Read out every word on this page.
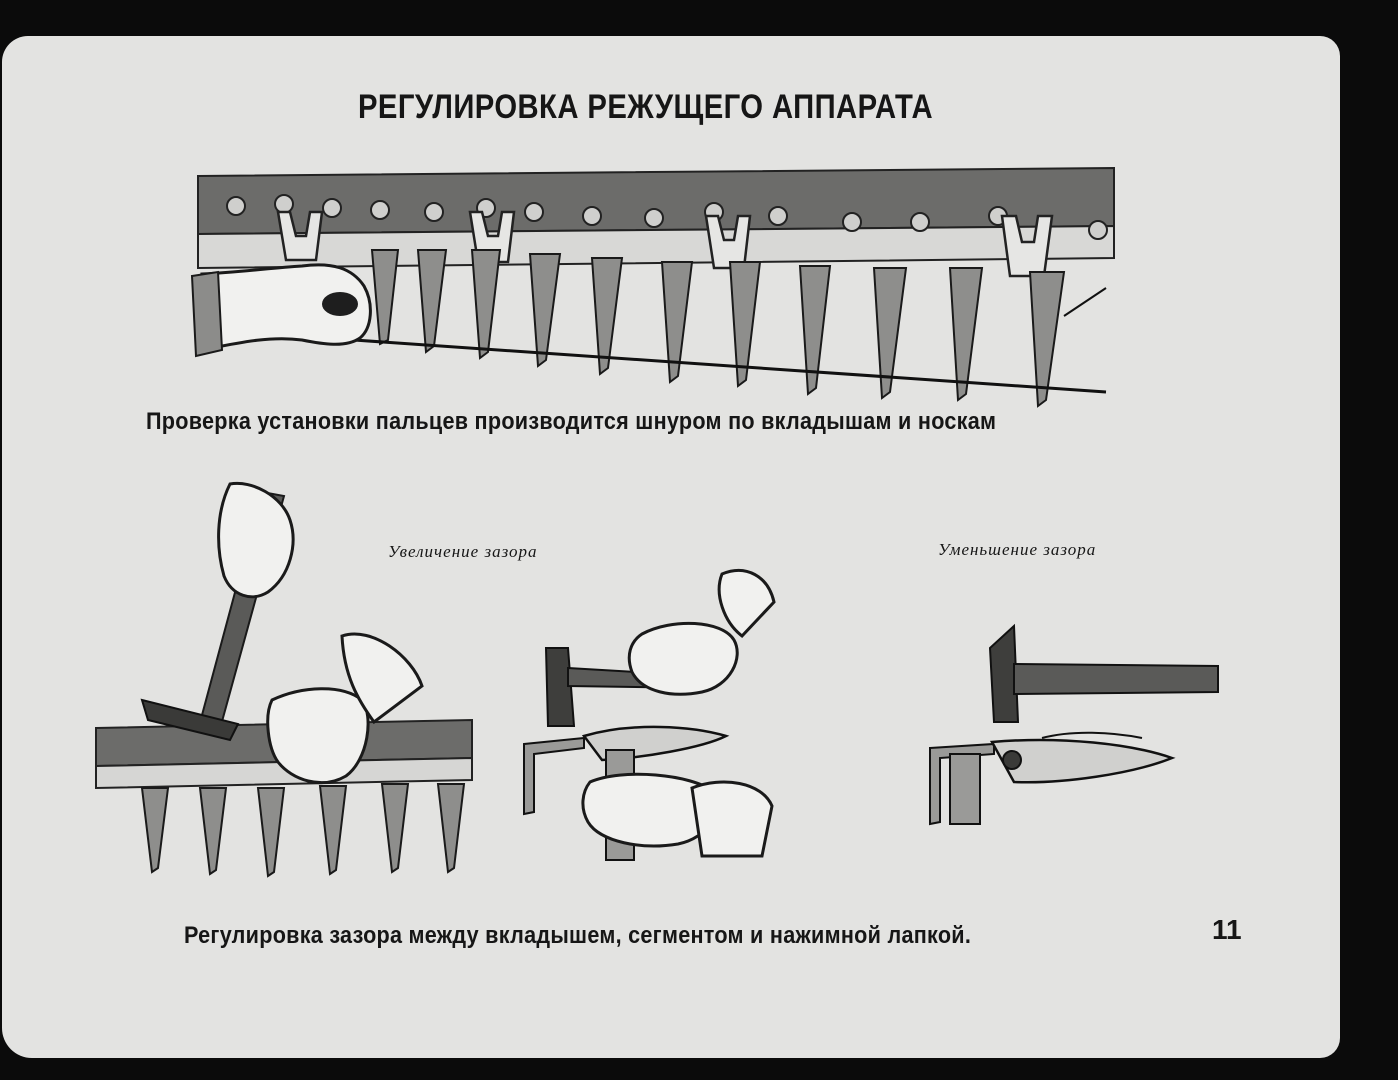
РЕГУЛИРОВКА РЕЖУЩЕГО АППАРАТА
Проверка установки пальцев производится шнуром по вкладышам и носкам
Увеличение зазора	Уменьшение зазора
Регулировка зазора между вкладышем, сегментом и нажимной лапкой.	11
